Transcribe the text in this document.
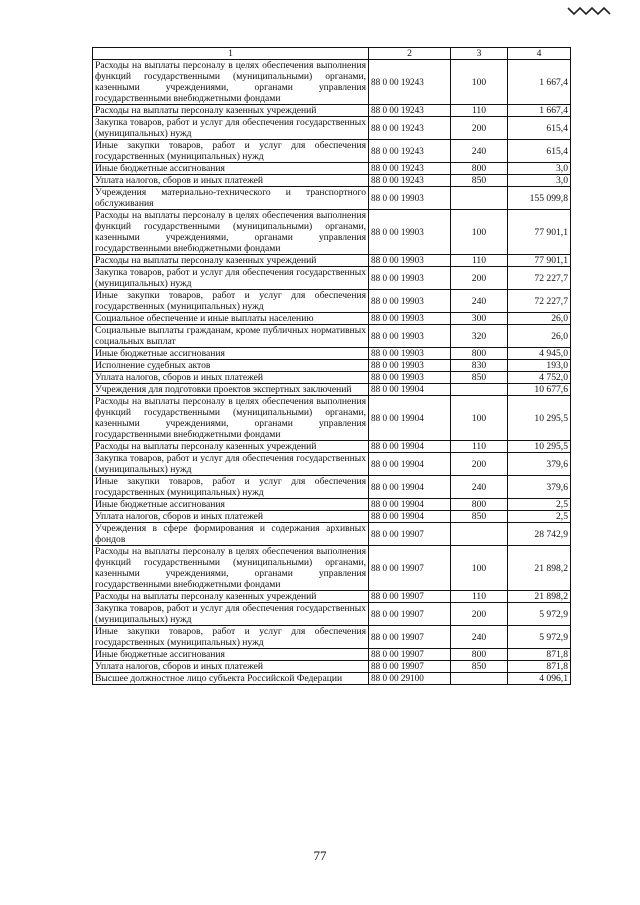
1	2	3	4
Расходы на выплаты персоналу в целях обеспечения выполнения функций государственными (муниципальными) органами, казенными учреждениями, органами управления государственными внебюджетными фондами	88 0 00 19243	100	1 667,4
Расходы на выплаты персоналу казенных учреждений	88 0 00 19243	110	1 667,4
Закупка товаров, работ и услуг для обеспечения государственных (муниципальных) нужд	88 0 00 19243	200	615,4
Иные закупки товаров, работ и услуг для обеспечения государственных (муниципальных) нужд	88 0 00 19243	240	615,4
Иные бюджетные ассигнования	88 0 00 19243	800	3,0
Уплата налогов, сборов и иных платежей	88 0 00 19243	850	3,0
Учреждения материально-технического и транспортного обслуживания	88 0 00 19903		155 099,8
Расходы на выплаты персоналу в целях обеспечения выполнения функций государственными (муниципальными) органами, казенными учреждениями, органами управления государственными внебюджетными фондами	88 0 00 19903	100	77 901,1
Расходы на выплаты персоналу казенных учреждений	88 0 00 19903	110	77 901,1
Закупка товаров, работ и услуг для обеспечения государственных (муниципальных) нужд	88 0 00 19903	200	72 227,7
Иные закупки товаров, работ и услуг для обеспечения государственных (муниципальных) нужд	88 0 00 19903	240	72 227,7
Социальное обеспечение и иные выплаты населению	88 0 00 19903	300	26,0
Социальные выплаты гражданам, кроме публичных нормативных социальных выплат	88 0 00 19903	320	26,0
Иные бюджетные ассигнования	88 0 00 19903	800	4 945,0
Исполнение судебных актов	88 0 00 19903	830	193,0
Уплата налогов, сборов и иных платежей	88 0 00 19903	850	4 752,0
Учреждения для подготовки проектов экспертных заключений	88 0 00 19904		10 677,6
Расходы на выплаты персоналу в целях обеспечения выполнения функций государственными (муниципальными) органами, казенными учреждениями, органами управления государственными внебюджетными фондами	88 0 00 19904	100	10 295,5
Расходы на выплаты персоналу казенных учреждений	88 0 00 19904	110	10 295,5
Закупка товаров, работ и услуг для обеспечения государственных (муниципальных) нужд	88 0 00 19904	200	379,6
Иные закупки товаров, работ и услуг для обеспечения государственных (муниципальных) нужд	88 0 00 19904	240	379,6
Иные бюджетные ассигнования	88 0 00 19904	800	2,5
Уплата налогов, сборов и иных платежей	88 0 00 19904	850	2,5
Учреждения в сфере формирования и содержания архивных фондов	88 0 00 19907		28 742,9
Расходы на выплаты персоналу в целях обеспечения выполнения функций государственными (муниципальными) органами, казенными учреждениями, органами управления государственными внебюджетными фондами	88 0 00 19907	100	21 898,2
Расходы на выплаты персоналу казенных учреждений	88 0 00 19907	110	21 898,2
Закупка товаров, работ и услуг для обеспечения государственных (муниципальных) нужд	88 0 00 19907	200	5 972,9
Иные закупки товаров, работ и услуг для обеспечения государственных (муниципальных) нужд	88 0 00 19907	240	5 972,9
Иные бюджетные ассигнования	88 0 00 19907	800	871,8
Уплата налогов, сборов и иных платежей	88 0 00 19907	850	871,8
Высшее должностное лицо субъекта Российской Федерации	88 0 00 29100		4 096,1
77
